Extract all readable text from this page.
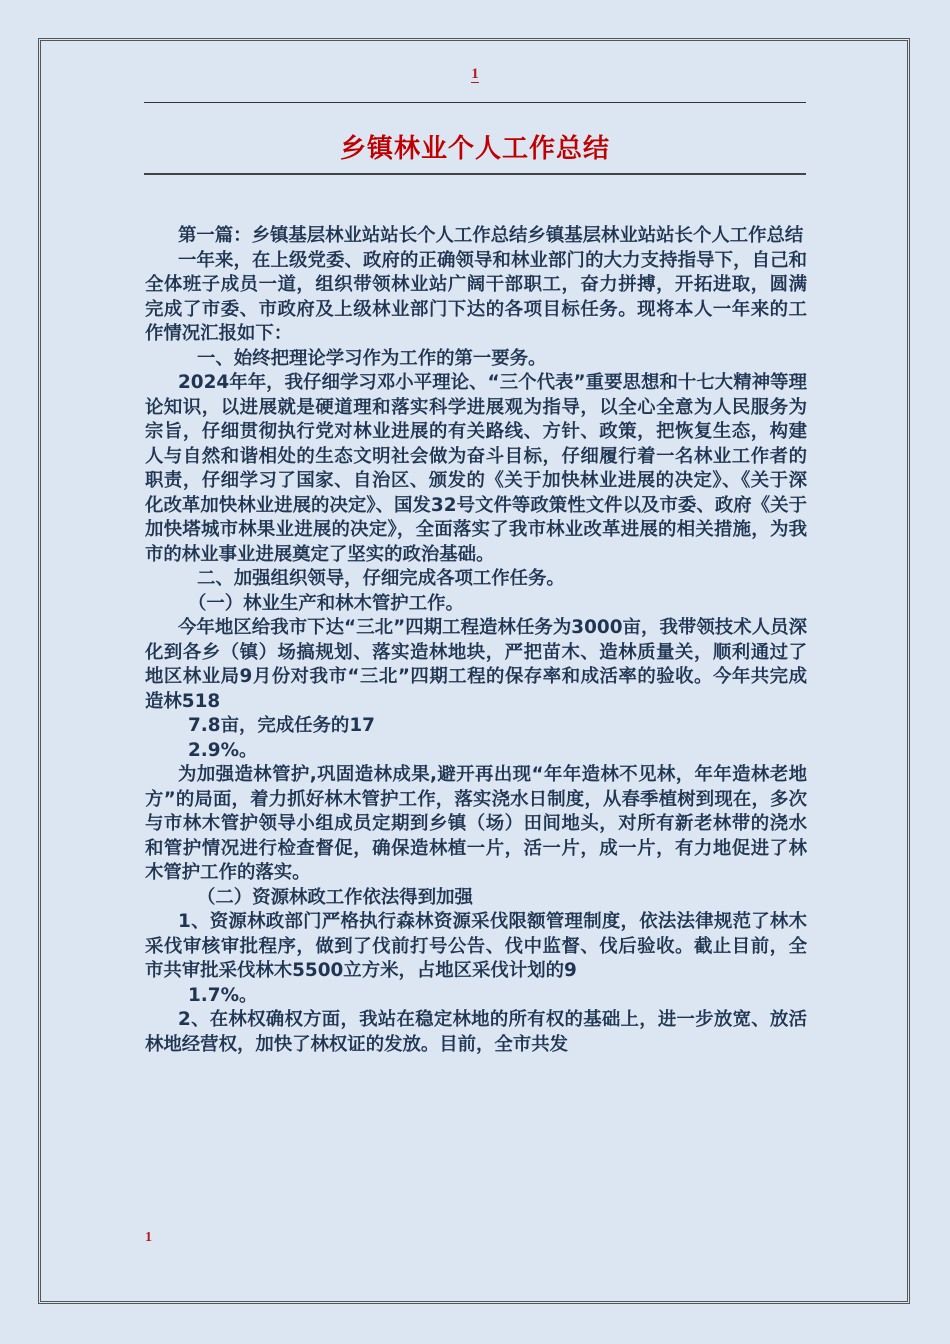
1
乡镇林业个人工作总结

第一篇：乡镇基层林业站站长个人工作总结乡镇基层林业站站长个人工作总结

一年来，在上级党委、政府的正确领导和林业部门的大力支持指导下，自己和全体班子成员一道，组织带领林业站广阔干部职工，奋力拼搏，开拓进取，圆满完成了市委、市政府及上级林业部门下达的各项目标任务。现将本人一年来的工作情况汇报如下：

一、始终把理论学习作为工作的第一要务。

2024年年，我仔细学习邓小平理论、“三个代表”重要思想和十七大精神等理论知识，以进展就是硬道理和落实科学进展观为指导，以全心全意为人民服务为宗旨，仔细贯彻执行党对林业进展的有关路线、方针、政策，把恢复生态，构建人与自然和谐相处的生态文明社会做为奋斗目标，仔细履行着一名林业工作者的职责，仔细学习了国家、自治区、颁发的《关于加快林业进展的决定》、《关于深化改革加快林业进展的决定》、国发32号文件等政策性文件以及市委、政府《关于加快塔城市林果业进展的决定》，全面落实了我市林业改革进展的相关措施，为我市的林业事业进展奠定了坚实的政治基础。

二、加强组织领导，仔细完成各项工作任务。

（一）林业生产和林木管护工作。

今年地区给我市下达“三北”四期工程造林任务为3000亩，我带领技术人员深化到各乡（镇）场搞规划、落实造林地块，严把苗木、造林质量关，顺利通过了地区林业局9月份对我市“三北”四期工程的保存率和成活率的验收。今年共完成造林518

7.8亩，完成任务的17

2.9%。

为加强造林管护,巩固造林成果,避开再出现“年年造林不见林，年年造林老地方”的局面，着力抓好林木管护工作，落实浇水日制度，从春季植树到现在，多次与市林木管护领导小组成员定期到乡镇（场）田间地头，对所有新老林带的浇水和管护情况进行检查督促，确保造林植一片，活一片，成一片，有力地促进了林木管护工作的落实。

（二）资源林政工作依法得到加强

1、资源林政部门严格执行森林资源采伐限额管理制度，依法法律规范了林木采伐审核审批程序，做到了伐前打号公告、伐中监督、伐后验收。截止目前，全市共审批采伐林木5500立方米，占地区采伐计划的9

1.7%。

2、在林权确权方面，我站在稳定林地的所有权的基础上，进一步放宽、放活林地经营权，加快了林权证的发放。目前，全市共发

1
